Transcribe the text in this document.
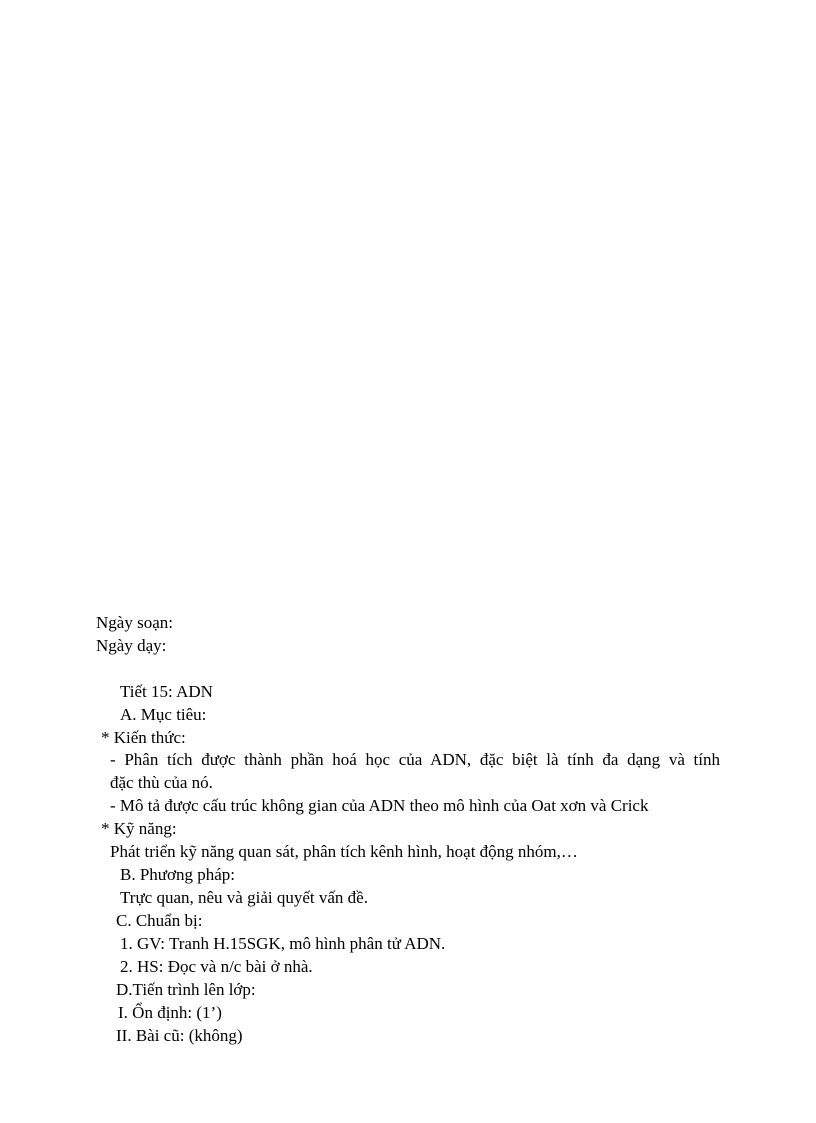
Ngày soạn:
Ngày dạy:
Tiết 15: ADN
A. Mục tiêu:
* Kiến thức:
- Phân tích được thành phần hoá học của ADN, đặc biệt là tính đa dạng và tính
đặc thù của nó.
- Mô tả được cấu trúc không gian của ADN theo mô hình của Oat xơn và Crick
* Kỹ năng:
Phát triển kỹ năng quan sát, phân tích kênh hình, hoạt động nhóm,…
B. Phương pháp:
Trực quan, nêu và giải quyết vấn đề.
C. Chuẩn bị:
1. GV: Tranh H.15SGK, mô hình phân tử ADN.
2. HS: Đọc và n/c bài ở nhà.
D.Tiến trình lên lớp:
I. Ổn định: (1’)
II. Bài cũ: (không)
